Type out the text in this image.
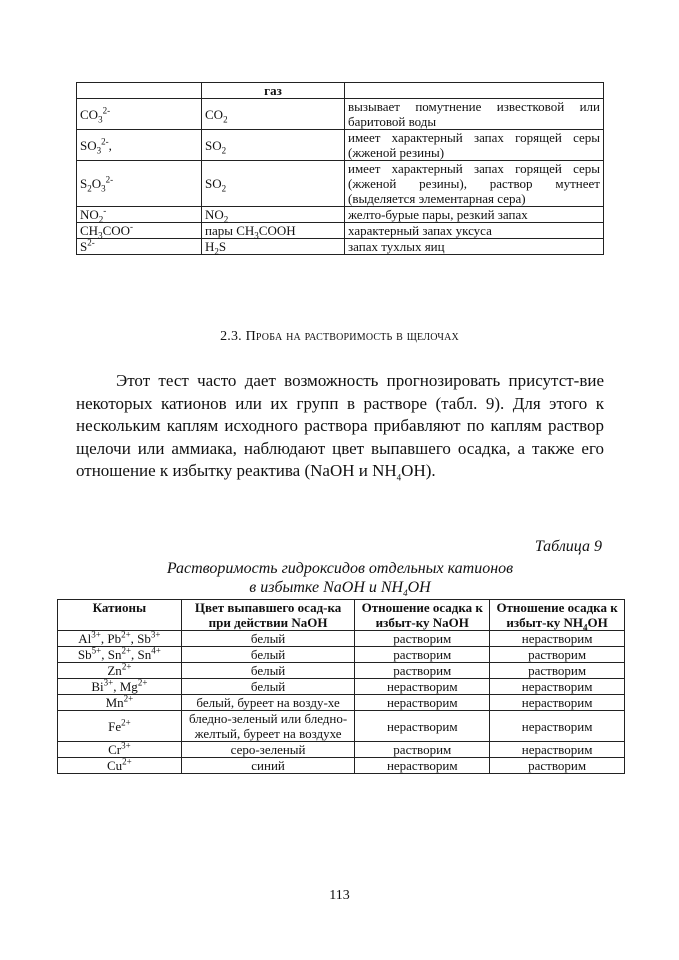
	газ	
$CO_3^{2-}$	$CO_2$	вызывает помутнение известковой или баритовой воды
$SO_3^{2-}$,	$SO_2$	имеет характерный запах горящей серы (жженой резины)
$S_2O_3^{2-}$	$SO_2$	имеет характерный запах горящей серы (жженой резины), раствор мутнеет (выделяется элементарная сера)
$NO_2^-$	$NO_2$	желто-бурые пары, резкий запах
$CH_3COO^-$	пары $CH_3COOH$	характерный запах уксуса
$S^{2-}$	$H_2S$	запах тухлых яиц
2.3. Проба на растворимость в щелочах

Этот тест часто дает возможность прогнозировать присутст-вие некоторых катионов или их групп в растворе (табл. 9). Для этого к нескольким каплям исходного раствора прибавляют по каплям раствор щелочи или аммиака, наблюдают цвет выпавшего осадка, а также его отношение к избытку реактива (NaOH и $NH_4OH$).

Таблица 9
Растворимость гидроксидов отдельных катионов
в избытке NaOH и $NH_4OH$
Катионы	Цвет выпавшего осад-ка при действии NaOH	Отношение осадка к избыт-ку NaOH	Отношение осадка к избыт-ку $NH_4OH$
$Al^{3+}$, $Pb^{2+}$, $Sb^{3+}$	белый	растворим	нерастворим
$Sb^{5+}$, $Sn^{2+}$, $Sn^{4+}$	белый	растворим	растворим
$Zn^{2+}$	белый	растворим	растворим
$Bi^{3+}$, $Mg^{2+}$	белый	нерастворим	нерастворим
$Mn^{2+}$	белый, буреет на возду-хе	нерастворим	нерастворим
$Fe^{2+}$	бледно-зеленый или бледно-желтый, буреет на воздухе	нерастворим	нерастворим
$Cr^{3+}$	серо-зеленый	растворим	нерастворим
$Cu^{2+}$	синий	нерастворим	растворим
113
